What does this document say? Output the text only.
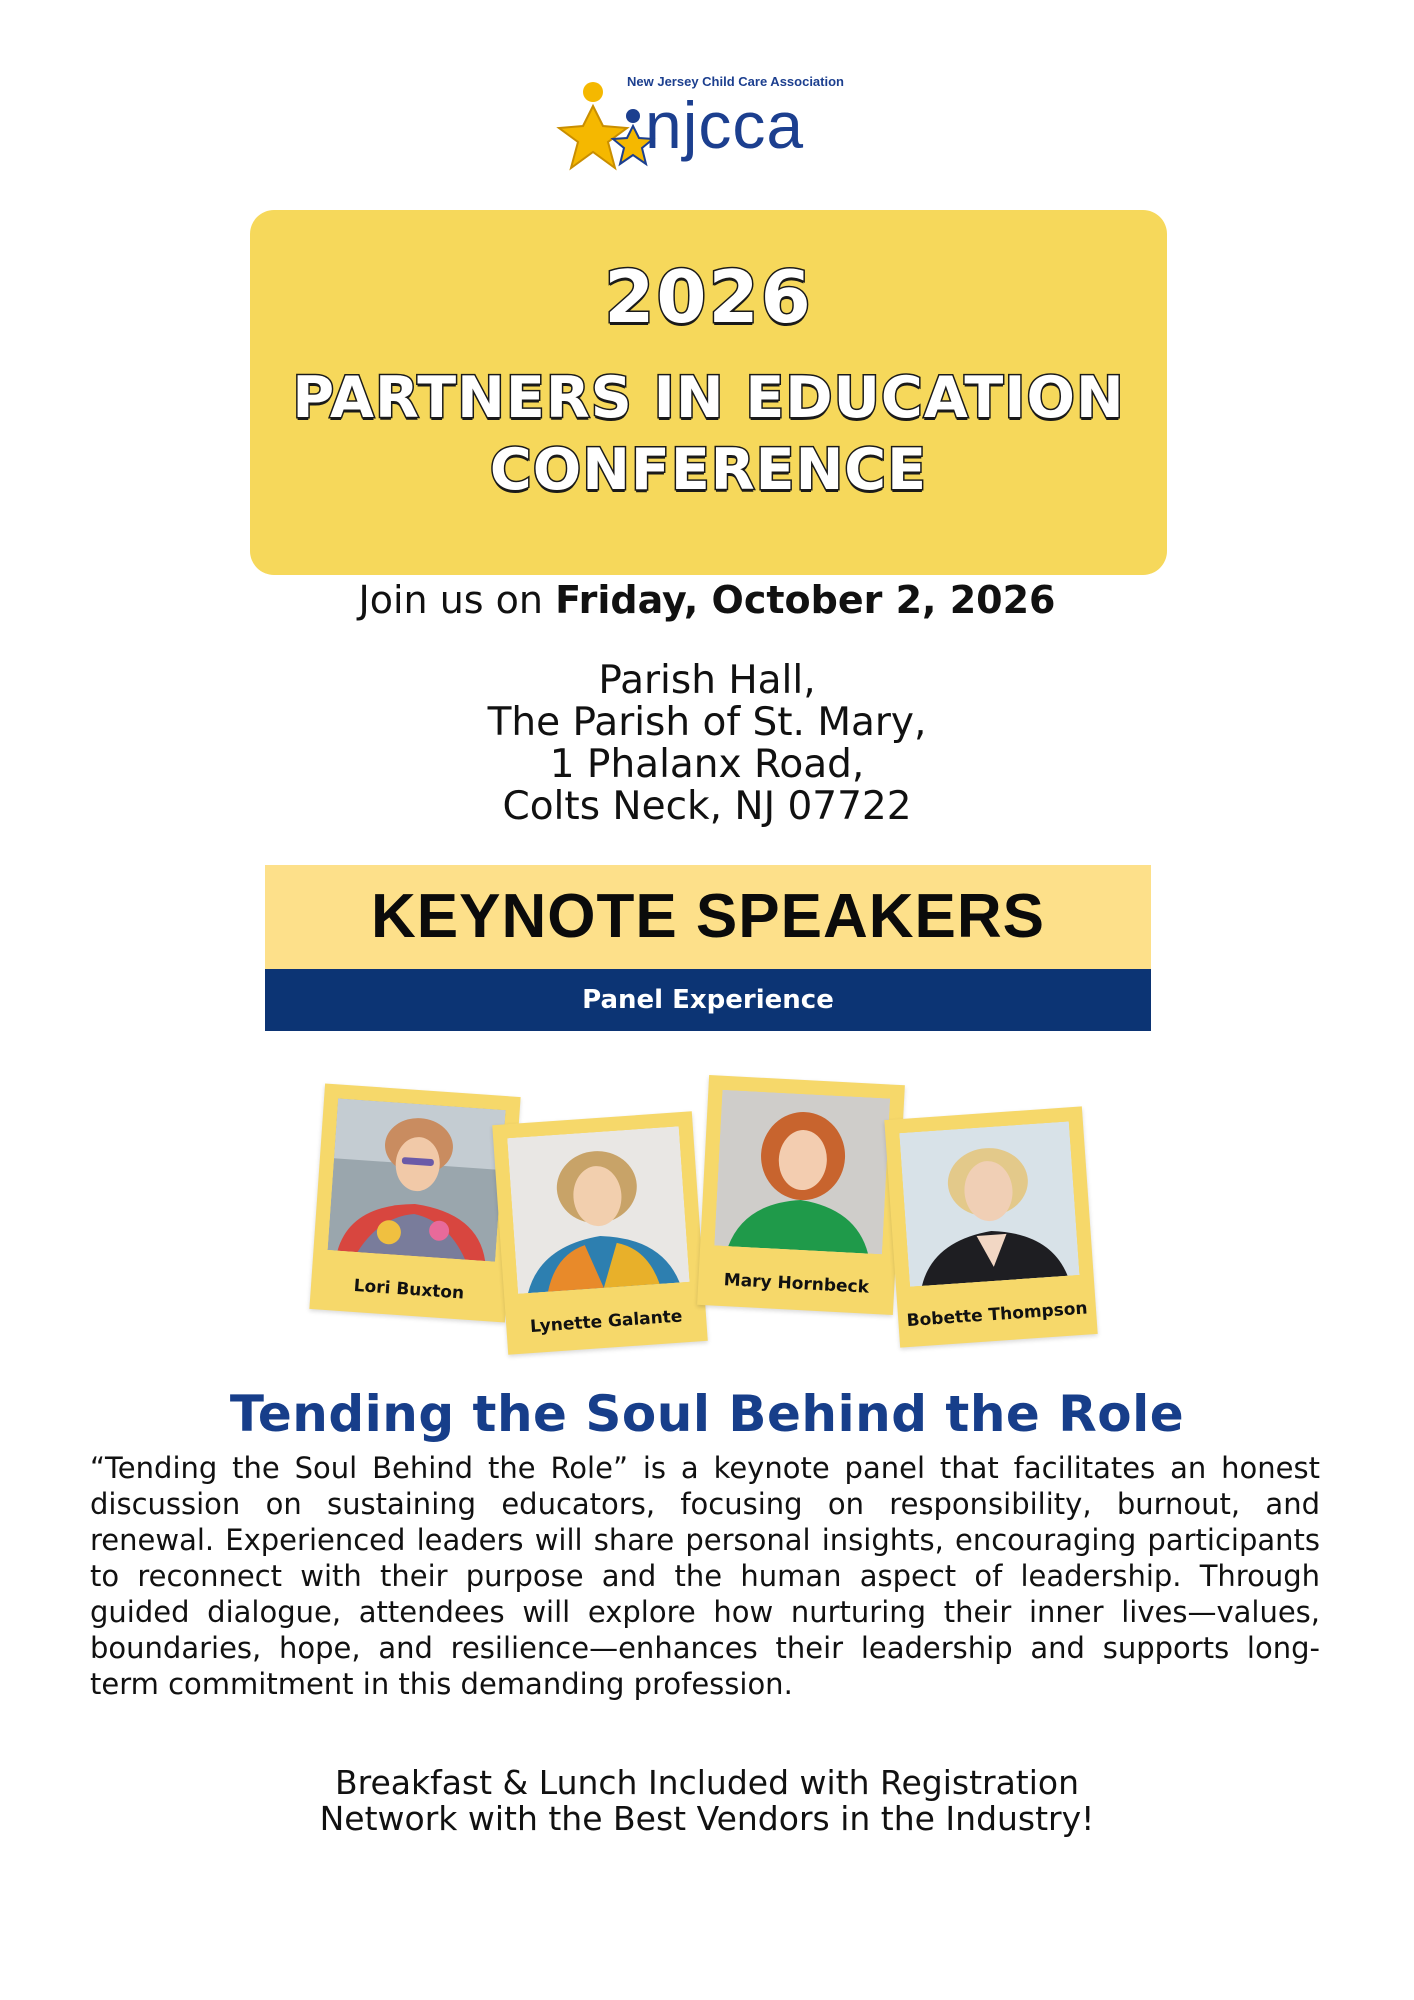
New Jersey Child Care Association
njcca
2026
PARTNERS IN EDUCATION
CONFERENCE
Join us on Friday, October 2, 2026
Parish Hall,
The Parish of St. Mary,
1 Phalanx Road,
Colts Neck, NJ 07722
KEYNOTE SPEAKERS
Panel Experience
Lori Buxton
Lynette Galante
Mary Hornbeck
Bobette Thompson
Tending the Soul Behind the Role
“Tending the Soul Behind the Role” is a keynote panel that facilitates an honest discussion on sustaining educators, focusing on responsibility, burnout, and renewal. Experienced leaders will share personal insights, encouraging participants to reconnect with their purpose and the human aspect of leadership. Through guided dialogue, attendees will explore how nurturing their inner lives—values, boundaries, hope, and resilience—enhances their leadership and supports long-term commitment in this demanding profession.
Breakfast & Lunch Included with Registration
Network with the Best Vendors in the Industry!
